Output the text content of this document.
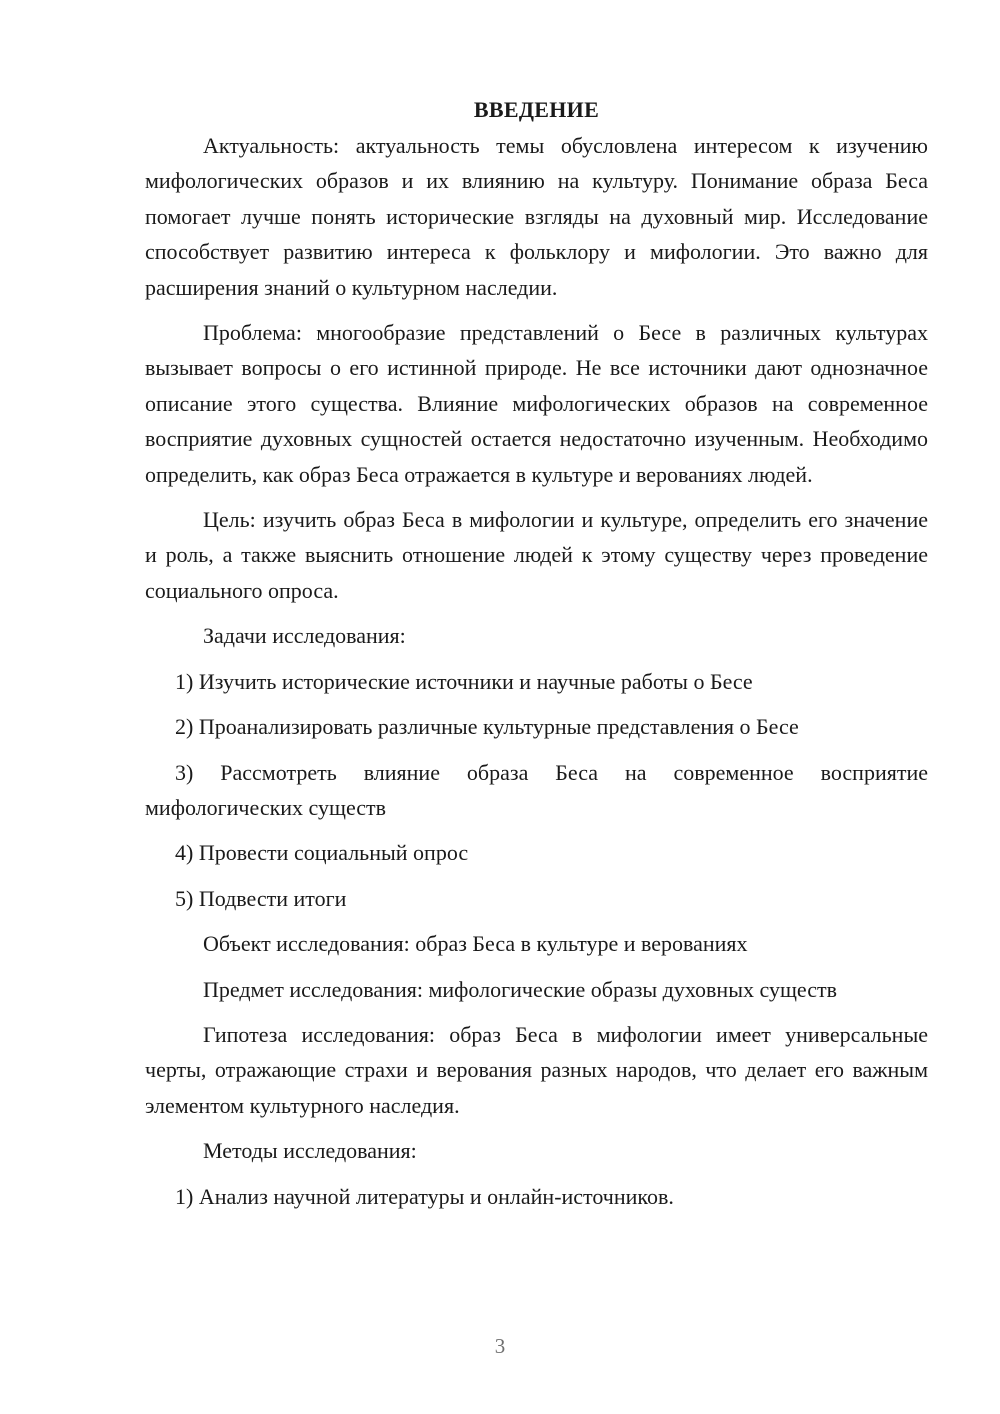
ВВЕДЕНИЕ

Актуальность: актуальность темы обусловлена интересом к изучению мифологических образов и их влиянию на культуру. Понимание образа Беса помогает лучше понять исторические взгляды на духовный мир. Исследование способствует развитию интереса к фольклору и мифологии. Это важно для расширения знаний о культурном наследии.

Проблема: многообразие представлений о Бесе в различных культурах вызывает вопросы о его истинной природе. Не все источники дают однозначное описание этого существа. Влияние мифологических образов на современное восприятие духовных сущностей остается недостаточно изученным. Необходимо определить, как образ Беса отражается в культуре и верованиях людей.

Цель: изучить образ Беса в мифологии и культуре, определить его значение и роль, а также выяснить отношение людей к этому существу через проведение социального опроса.

Задачи исследования:

1) Изучить исторические источники и научные работы о Бесе

2) Проанализировать различные культурные представления о Бесе

3) Рассмотреть влияние образа Беса на современное восприятие мифологических существ

4) Провести социальный опрос

5) Подвести итоги

Объект исследования: образ Беса в культуре и верованиях

Предмет исследования: мифологические образы духовных существ

Гипотеза исследования: образ Беса в мифологии имеет универсальные черты, отражающие страхи и верования разных народов, что делает его важным элементом культурного наследия.

Методы исследования:

1) Анализ научной литературы и онлайн-источников.

3
